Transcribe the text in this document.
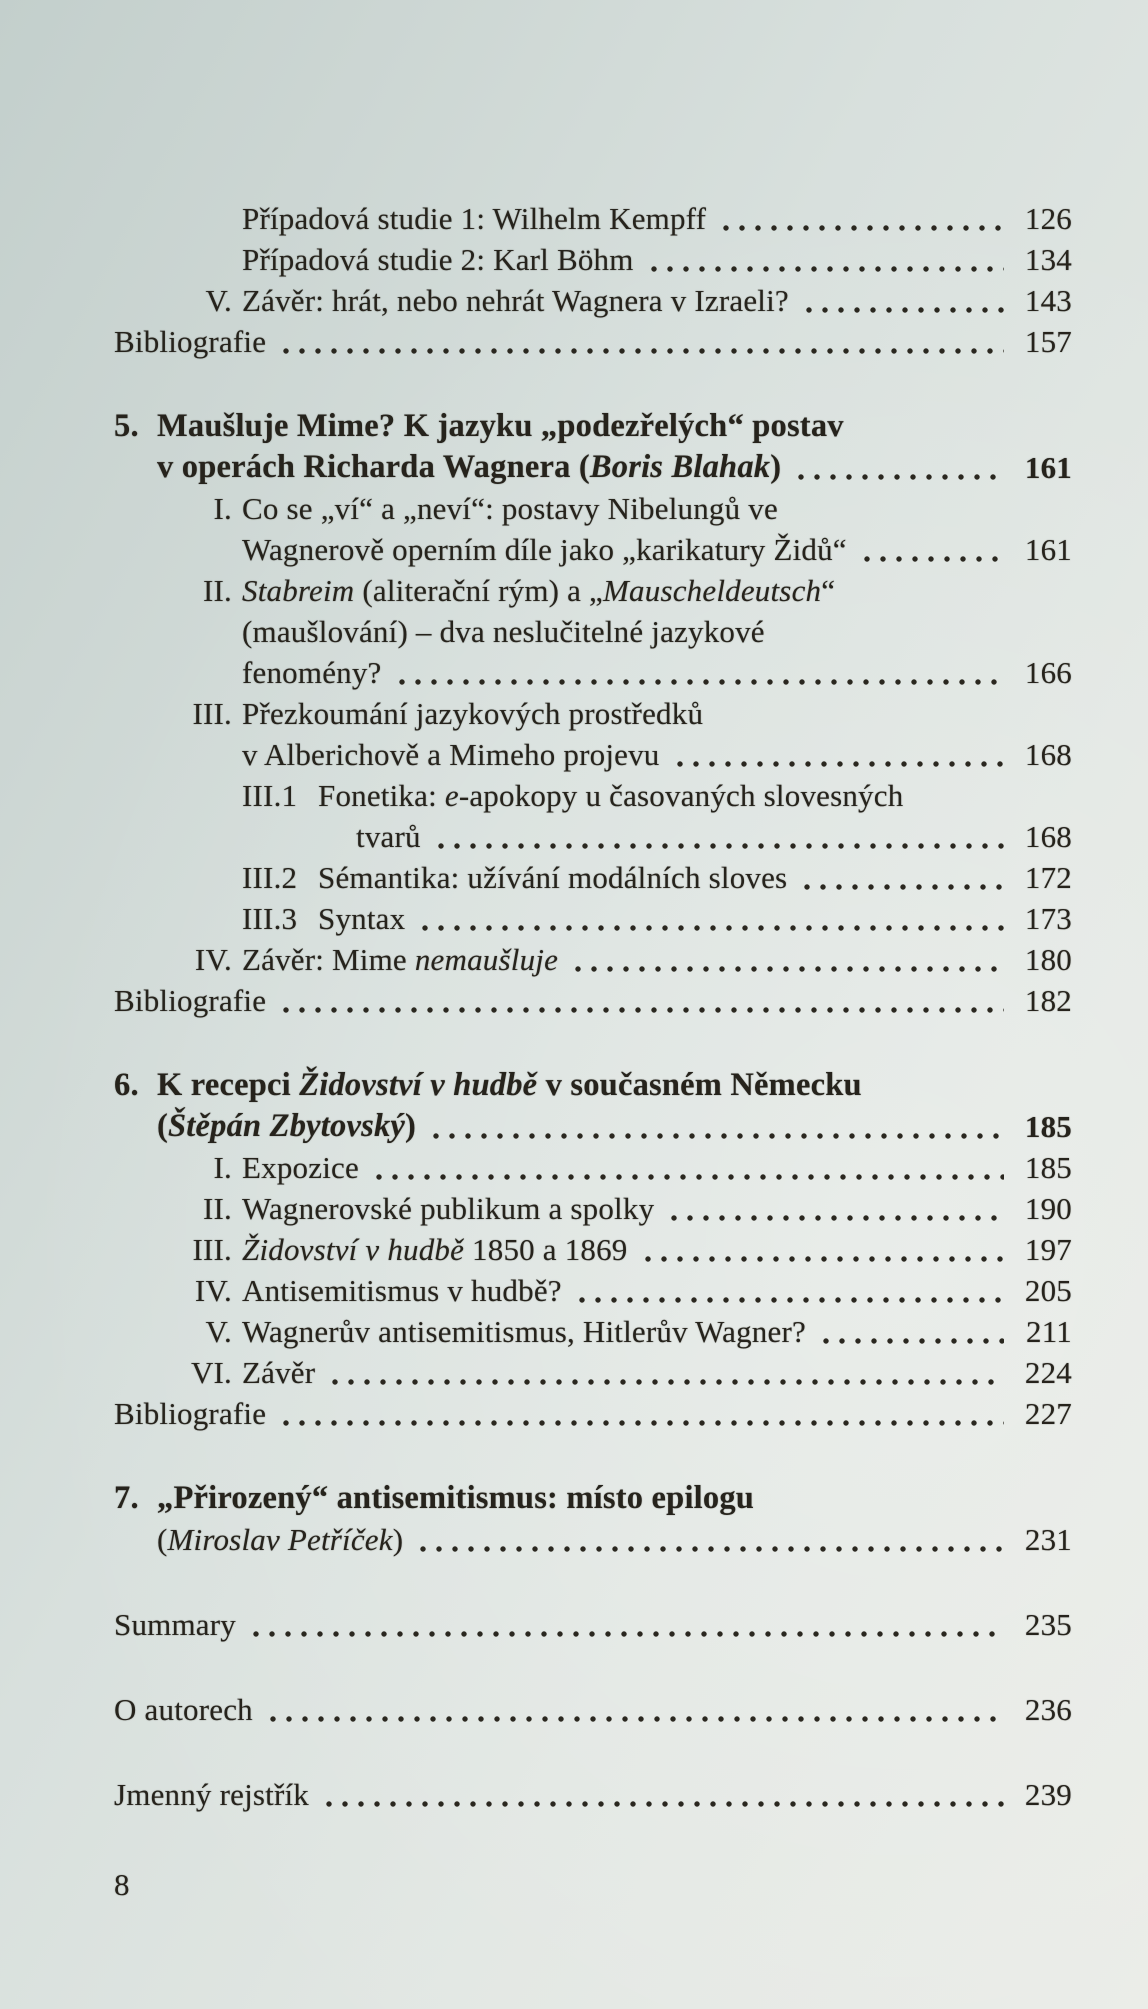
Případová studie 1: Wilhelm Kempff	126
Případová studie 2: Karl Böhm	134
V. Závěr: hrát, nebo nehrát Wagnera v Izraeli?	143
Bibliografie	157
5. Maušluje Mime? K jazyku „podezřelých“ postav
v operách Richarda Wagnera (Boris Blahak)	161
I. Co se „ví“ a „neví“: postavy Nibelungů ve
Wagnerově operním díle jako „karikatury Židů“	161
II. Stabreim (aliterační rým) a „Mauscheldeutsch“
(maušlování) – dva neslučitelné jazykové
fenomény?	166
III. Přezkoumání jazykových prostředků
v Alberichově a Mimeho projevu	168
III.1 Fonetika: e-apokopy u časovaných slovesných
tvarů	168
III.2 Sémantika: užívání modálních sloves	172
III.3 Syntax	173
IV. Závěr: Mime nemaušluje	180
Bibliografie	182
6. K recepci Židovství v hudbě v současném Německu
(Štěpán Zbytovský)	185
I. Expozice	185
II. Wagnerovské publikum a spolky	190
III. Židovství v hudbě 1850 a 1869	197
IV. Antisemitismus v hudbě?	205
V. Wagnerův antisemitismus, Hitlerův Wagner?	211
VI. Závěr	224
Bibliografie	227
7. „Přirozený“ antisemitismus: místo epilogu
(Miroslav Petříček)	231
Summary	235
O autorech	236
Jmenný rejstřík	239
8
